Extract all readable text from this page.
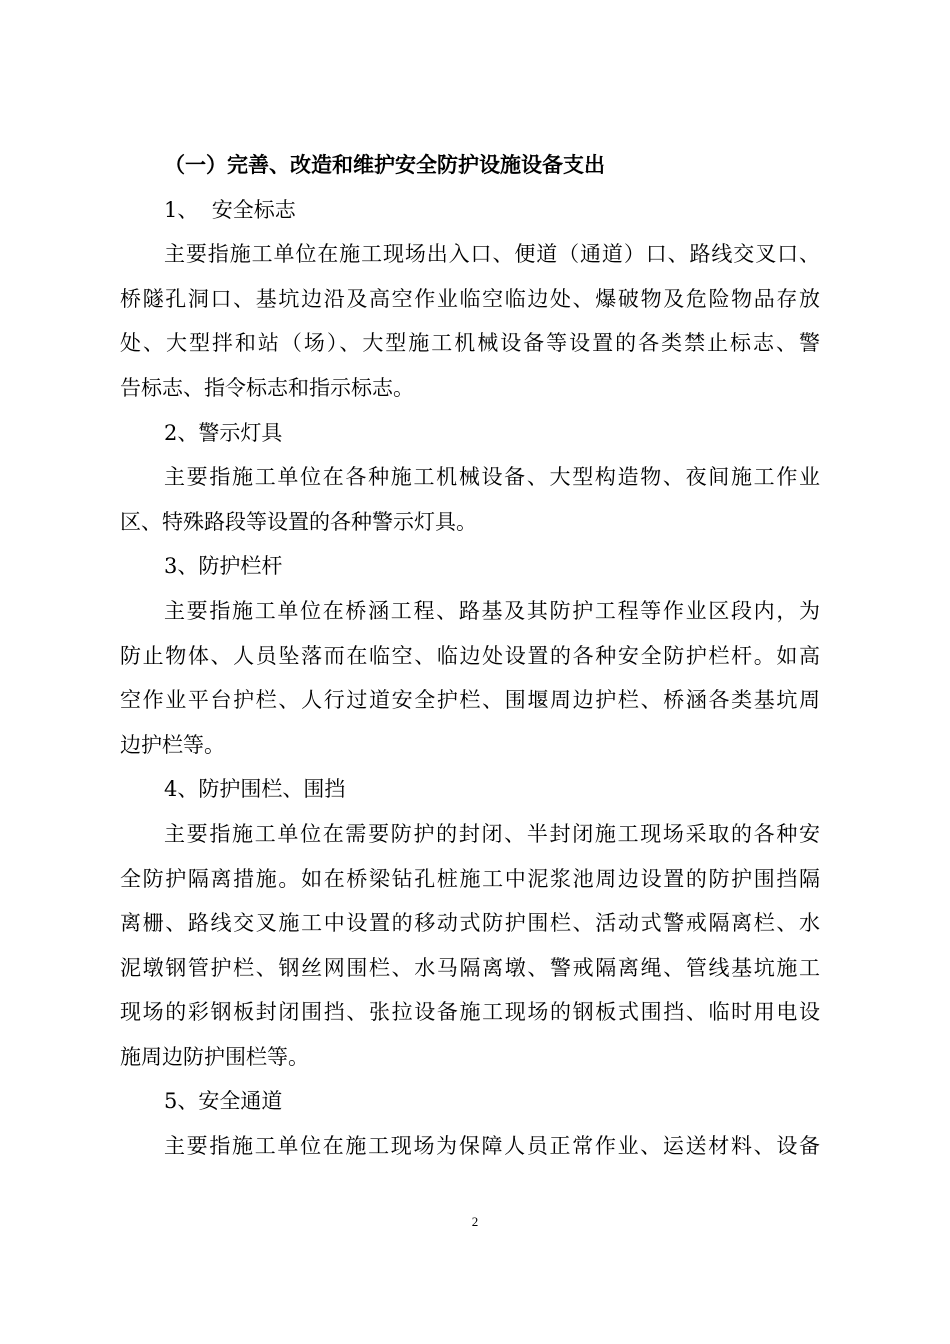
（一）完善、改造和维护安全防护设施设备支出
1、  安全标志
主要指施工单位在施工现场出入口、便道（通道）口、路线交叉口、
桥隧孔洞口、基坑边沿及高空作业临空临边处、爆破物及危险物品存放
处、大型拌和站（场）、大型施工机械设备等设置的各类禁止标志、警
告标志、指令标志和指示标志。
2、警示灯具
主要指施工单位在各种施工机械设备、大型构造物、夜间施工作业
区、特殊路段等设置的各种警示灯具。
3、防护栏杆
主要指施工单位在桥涵工程、路基及其防护工程等作业区段内，为
防止物体、人员坠落而在临空、临边处设置的各种安全防护栏杆。如高
空作业平台护栏、人行过道安全护栏、围堰周边护栏、桥涵各类基坑周
边护栏等。
4、防护围栏、围挡
主要指施工单位在需要防护的封闭、半封闭施工现场采取的各种安
全防护隔离措施。如在桥梁钻孔桩施工中泥浆池周边设置的防护围挡隔
离栅、路线交叉施工中设置的移动式防护围栏、活动式警戒隔离栏、水
泥墩钢管护栏、钢丝网围栏、水马隔离墩、警戒隔离绳、管线基坑施工
现场的彩钢板封闭围挡、张拉设备施工现场的钢板式围挡、临时用电设
施周边防护围栏等。
5、安全通道
主要指施工单位在施工现场为保障人员正常作业、运送材料、设备
2
